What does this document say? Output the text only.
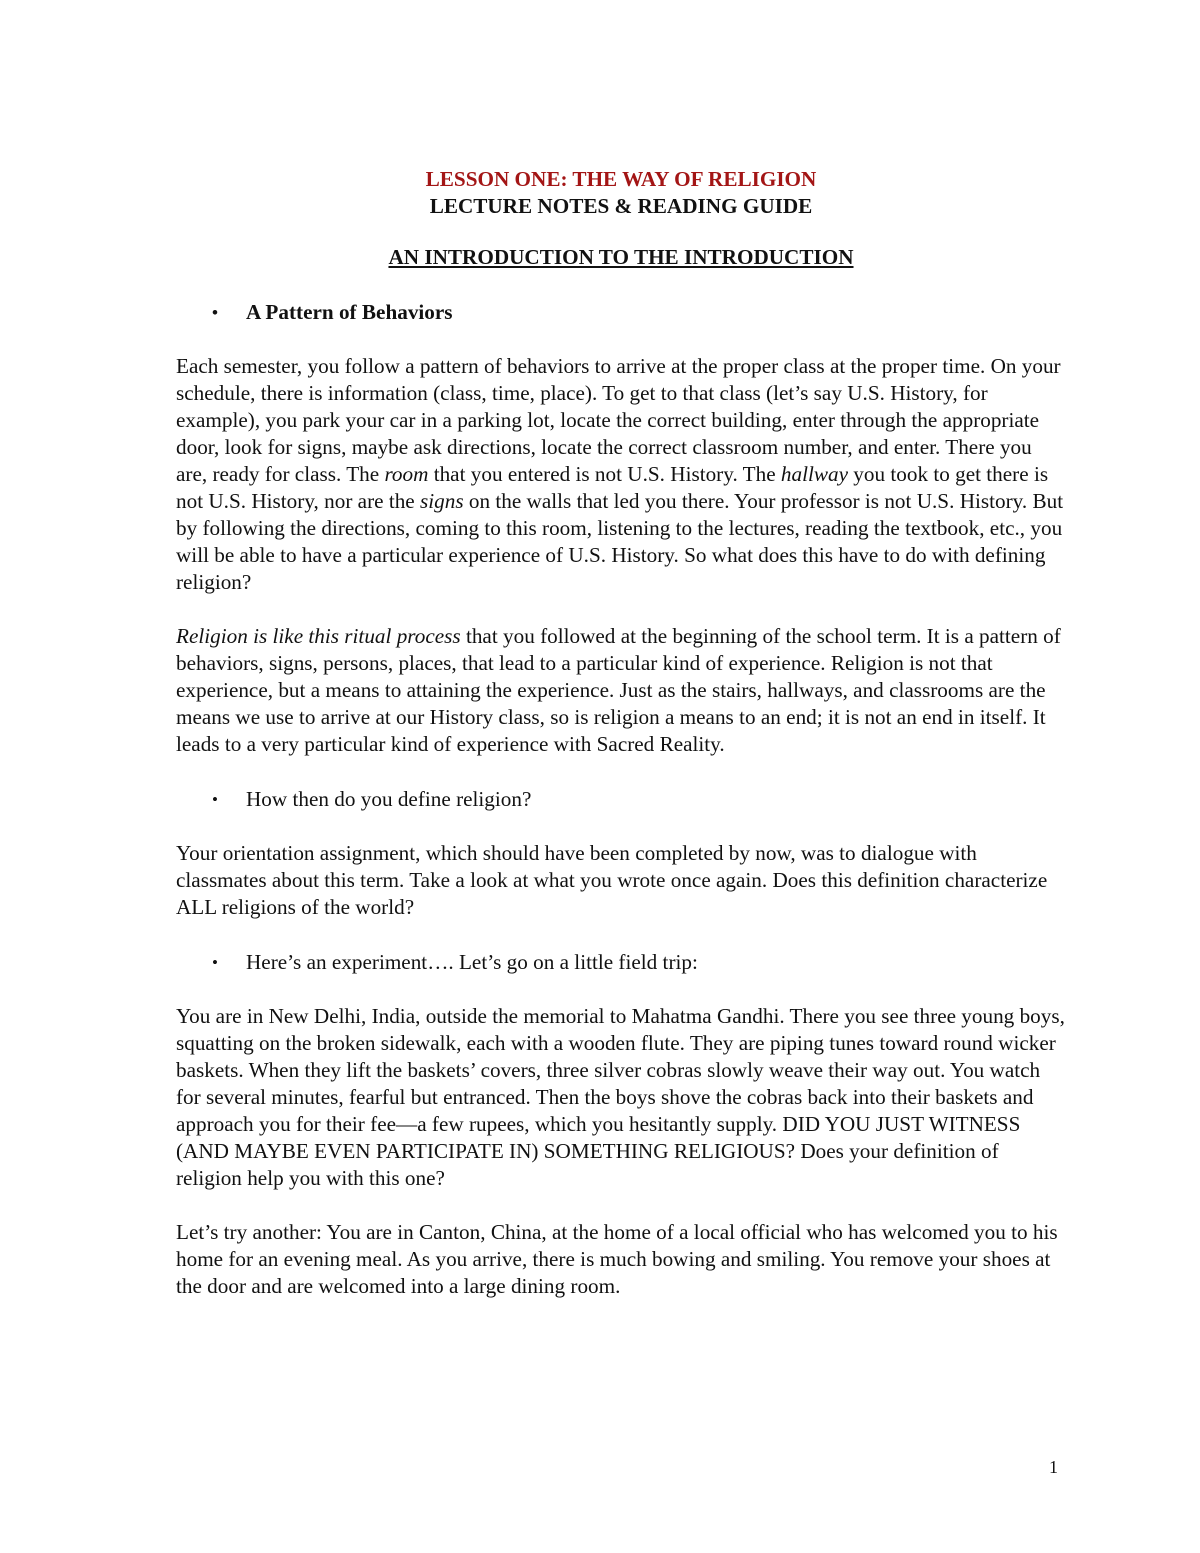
LESSON ONE: THE WAY OF RELIGION

LECTURE NOTES & READING GUIDE

AN INTRODUCTION TO THE INTRODUCTION

• A Pattern of Behaviors

Each semester, you follow a pattern of behaviors to arrive at the proper class at the proper time. On your schedule, there is information (class, time, place). To get to that class (let’s say U.S. History, for example), you park your car in a parking lot, locate the correct building, enter through the appropriate door, look for signs, maybe ask directions, locate the correct classroom number, and enter. There you are, ready for class. The room that you entered is not U.S. History. The hallway you took to get there is not U.S. History, nor are the signs on the walls that led you there. Your professor is not U.S. History. But by following the directions, coming to this room, listening to the lectures, reading the textbook, etc., you will be able to have a particular experience of U.S. History. So what does this have to do with defining religion?

Religion is like this ritual process that you followed at the beginning of the school term. It is a pattern of behaviors, signs, persons, places, that lead to a particular kind of experience. Religion is not that experience, but a means to attaining the experience. Just as the stairs, hallways, and classrooms are the means we use to arrive at our History class, so is religion a means to an end; it is not an end in itself. It leads to a very particular kind of experience with Sacred Reality.

• How then do you define religion?

Your orientation assignment, which should have been completed by now, was to dialogue with classmates about this term. Take a look at what you wrote once again. Does this definition characterize ALL religions of the world?

• Here’s an experiment…. Let’s go on a little field trip:

You are in New Delhi, India, outside the memorial to Mahatma Gandhi. There you see three young boys, squatting on the broken sidewalk, each with a wooden flute. They are piping tunes toward round wicker baskets. When they lift the baskets’ covers, three silver cobras slowly weave their way out. You watch for several minutes, fearful but entranced. Then the boys shove the cobras back into their baskets and approach you for their fee—a few rupees, which you hesitantly supply. DID YOU JUST WITNESS (AND MAYBE EVEN PARTICIPATE IN) SOMETHING RELIGIOUS? Does your definition of religion help you with this one?

Let’s try another: You are in Canton, China, at the home of a local official who has welcomed you to his home for an evening meal. As you arrive, there is much bowing and smiling. You remove your shoes at the door and are welcomed into a large dining room.

1
